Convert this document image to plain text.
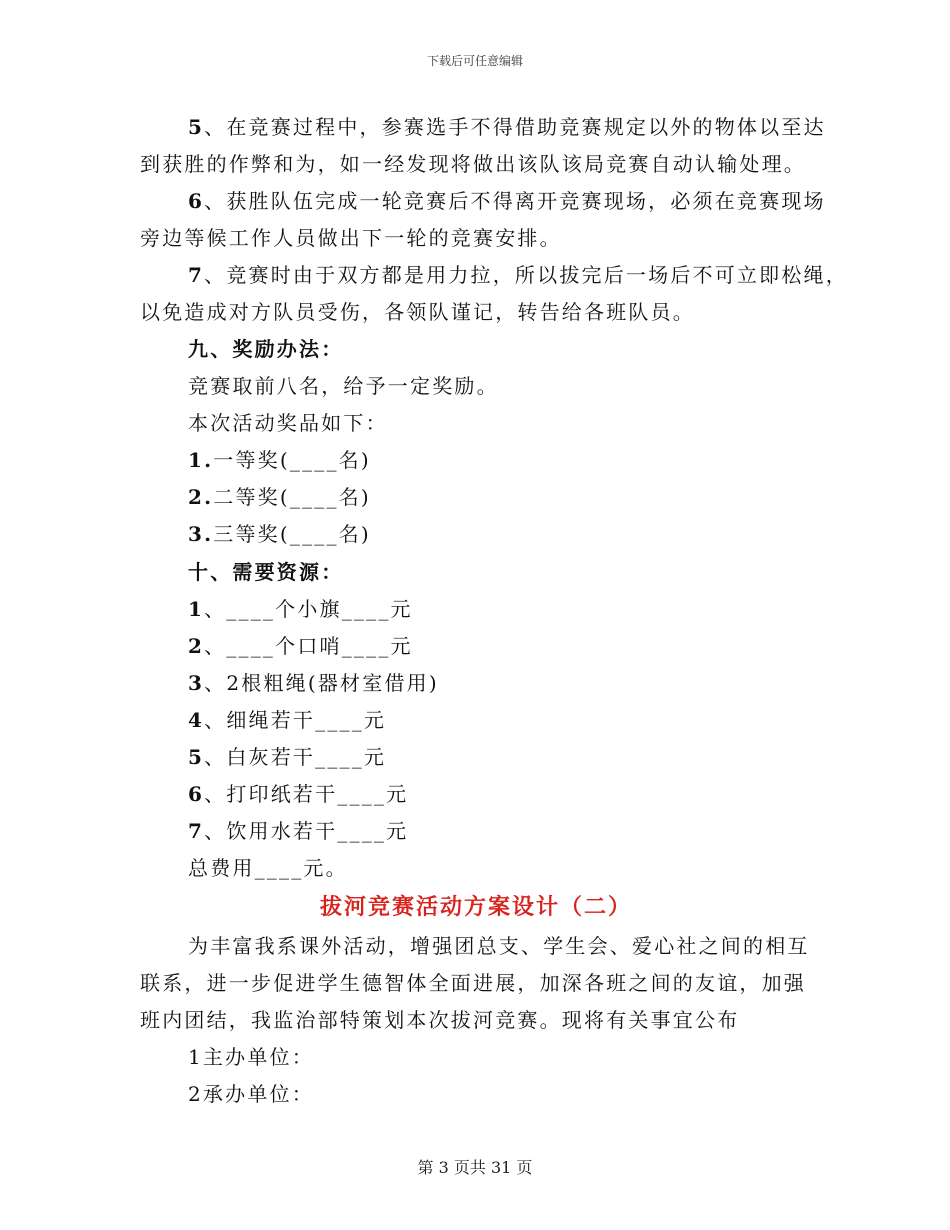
下载后可任意编辑
5、在竞赛过程中，参赛选手不得借助竞赛规定以外的物体以至达
到获胜的作弊和为，如一经发现将做出该队该局竞赛自动认输处理。
6、获胜队伍完成一轮竞赛后不得离开竞赛现场，必须在竞赛现场
旁边等候工作人员做出下一轮的竞赛安排。
7、竞赛时由于双方都是用力拉，所以拔完后一场后不可立即松绳，
以免造成对方队员受伤，各领队谨记，转告给各班队员。
九、奖励办法：
竞赛取前八名，给予一定奖励。
本次活动奖品如下：
1.一等奖(____名)
2.二等奖(____名)
3.三等奖(____名)
十、需要资源：
1、____个小旗____元
2、____个口哨____元
3、2根粗绳(器材室借用)
4、细绳若干____元
5、白灰若干____元
6、打印纸若干____元
7、饮用水若干____元
总费用____元。
拔河竞赛活动方案设计（二）
为丰富我系课外活动，增强团总支、学生会、爱心社之间的相互
联系，进一步促进学生德智体全面进展，加深各班之间的友谊，加强
班内团结，我监治部特策划本次拔河竞赛。现将有关事宜公布
1主办单位：
2承办单位：
第 3 页共 31 页
